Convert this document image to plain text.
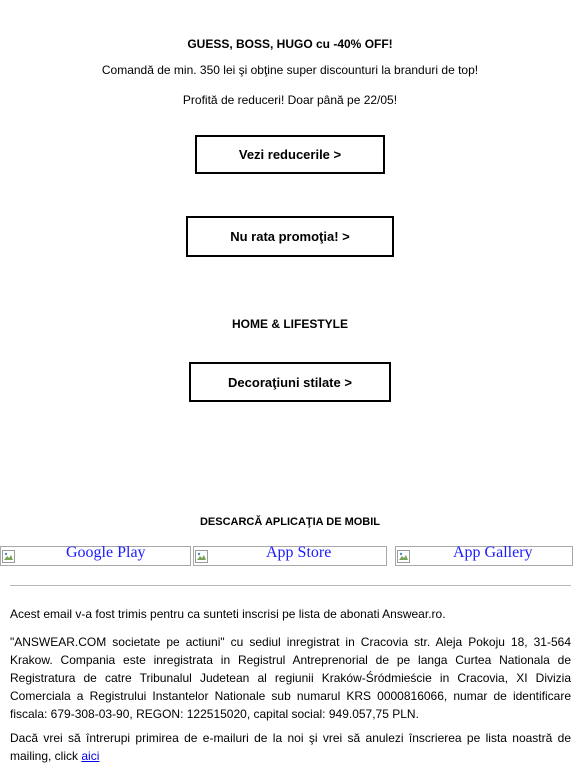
GUESS, BOSS, HUGO cu -40% OFF!
Comandă de min. 350 lei şi obţine super discounturi la branduri de top!
Profită de reduceri! Doar până pe 22/05!
Vezi reducerile >
Nu rata promoţia! >
HOME & LIFESTYLE
Decoraţiuni stilate >
DESCARCĂ APLICAŢIA DE MOBIL
Google Play	App Store	App Gallery
Acest email v-a fost trimis pentru ca sunteti inscrisi pe lista de abonati Answear.ro.
"ANSWEAR.COM societate pe actiuni" cu sediul inregistrat in Cracovia str. Aleja Pokoju 18, 31-564 Krakow. Compania este inregistrata in Registrul Antreprenorial de pe langa Curtea Nationala de Registratura de catre Tribunalul Judetean al regiunii Kraków-Śródmieście in Cracovia, XI Divizia Comerciala a Registrului Instantelor Nationale sub numarul KRS 0000816066, numar de identificare fiscala: 679-308-03-90, REGON: 122515020, capital social: 949.057,75 PLN.
Dacă vrei să întrerupi primirea de e-mailuri de la noi şi vrei să anulezi înscrierea pe lista noastră de mailing, click aici
